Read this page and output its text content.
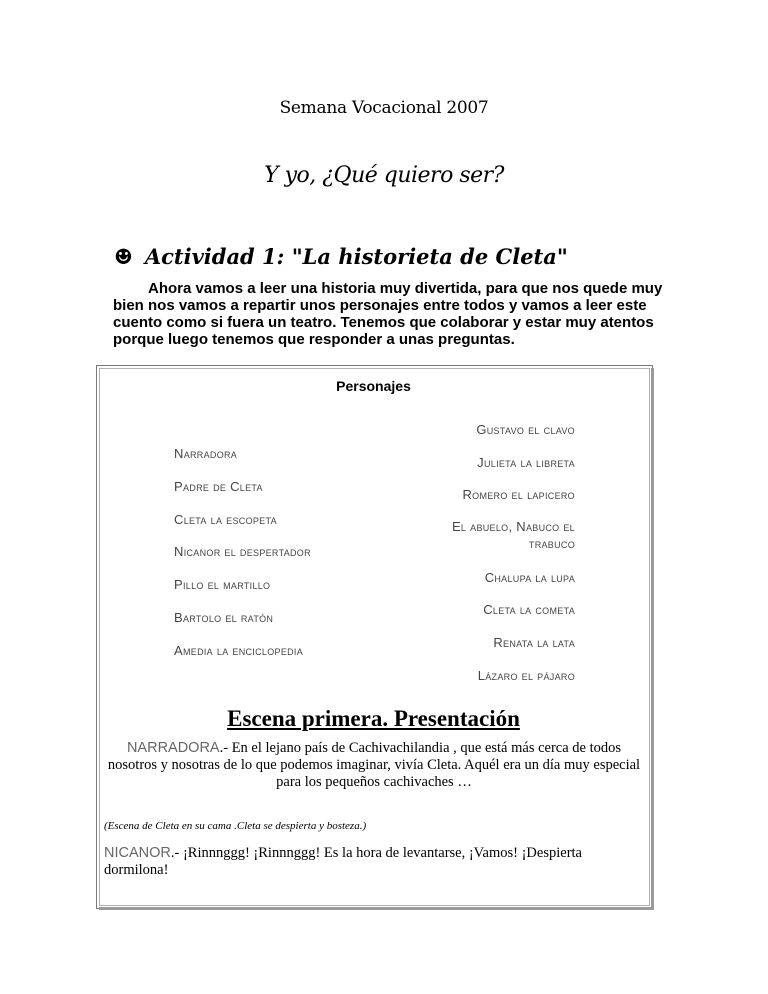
Semana Vocacional 2007
Y yo, ¿Qué quiero ser?
☻ Actividad 1: "La historieta de Cleta"
Ahora vamos a leer una historia muy divertida, para que nos quede muy bien nos vamos a repartir unos personajes entre todos y vamos a leer este cuento como si fuera un teatro. Tenemos que colaborar y estar muy atentos porque luego tenemos que responder a unas preguntas.
Personajes
Narradora
Padre de Cleta
Cleta la escopeta
Nicanor el despertador
Pillo el martillo
Bartolo el ratón
Amedia la enciclopedia
Gustavo el clavo
Julieta la libreta
Romero el lapicero
El abuelo, Nabuco el
trabuco
Chalupa la lupa
Cleta la cometa
Renata la lata
Lázaro el pájaro
Escena primera. Presentación
NARRADORA.- En el lejano país de Cachivachilandia , que está más cerca de todos nosotros y nosotras de lo que podemos imaginar, vivía Cleta. Aquél era un día muy especial para los pequeños cachivaches …
(Escena de Cleta en su cama .Cleta se despierta y bosteza.)
NICANOR.- ¡Rinnnggg! ¡Rinnnggg! Es la hora de levantarse, ¡Vamos! ¡Despierta dormilona!
